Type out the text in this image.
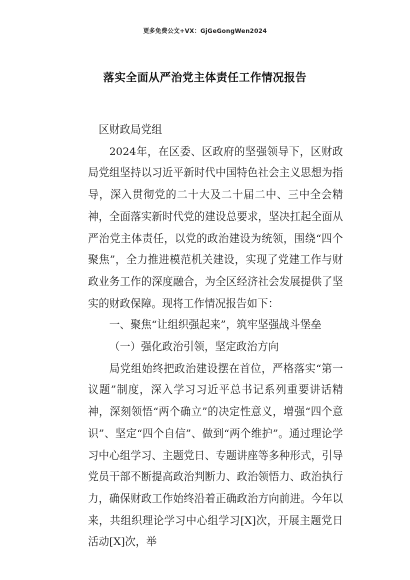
更多免费公文+VX：GjGeGongWen2024
落实全面从严治党主体责任工作情况报告

区财政局党组

2024年，在区委、区政府的坚强领导下，区财政局党组坚持以习近平新时代中国特色社会主义思想为指导，深入贯彻党的二十大及二十届二中、三中全会精神，全面落实新时代党的建设总要求，坚决扛起全面从严治党主体责任，以党的政治建设为统领，围绕“四个聚焦”，全力推进模范机关建设，实现了党建工作与财政业务工作的深度融合，为全区经济社会发展提供了坚实的财政保障。现将工作情况报告如下：

一、聚焦“让组织强起来”，筑牢坚强战斗堡垒

（一）强化政治引领，坚定政治方向

局党组始终把政治建设摆在首位，严格落实“第一议题”制度，深入学习习近平总书记系列重要讲话精神，深刻领悟“两个确立”的决定性意义，增强“四个意识”、坚定“四个自信”、做到“两个维护”。通过理论学习中心组学习、主题党日、专题讲座等多种形式，引导党员干部不断提高政治判断力、政治领悟力、政治执行力，确保财政工作始终沿着正确政治方向前进。今年以来，共组织理论学习中心组学习[X]次，开展主题党日活动[X]次，举
